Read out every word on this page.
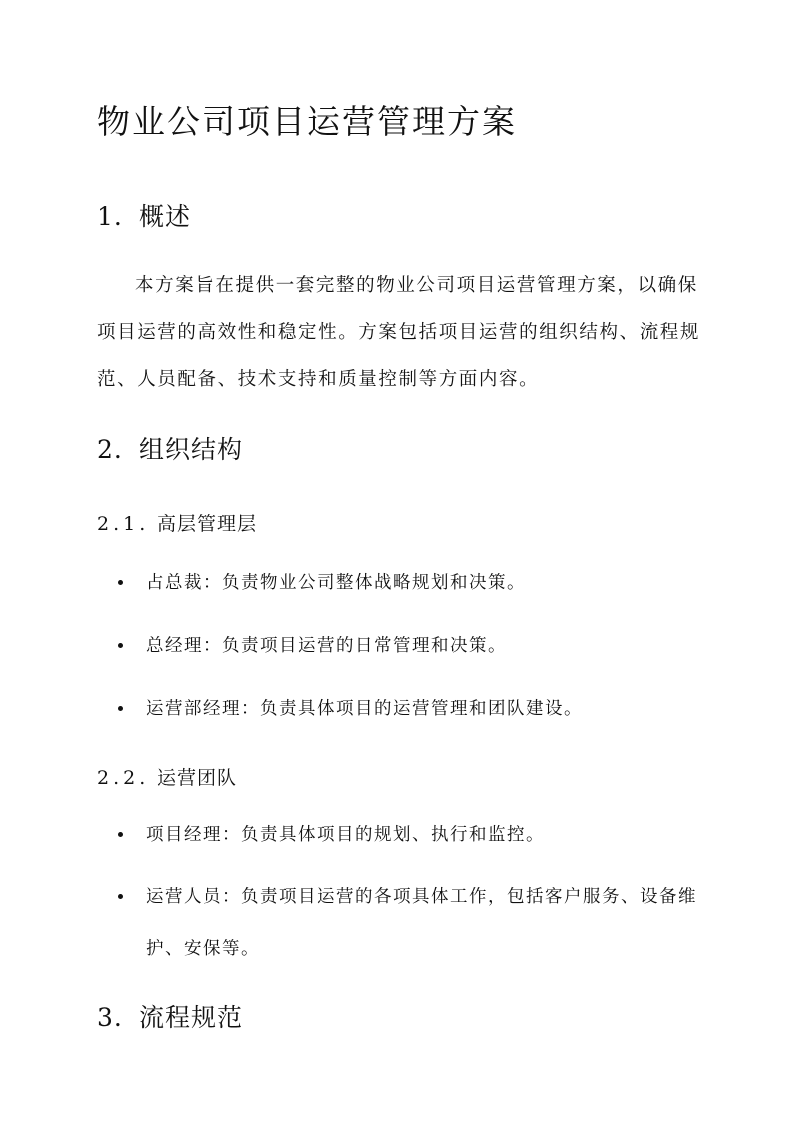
物业公司项目运营管理方案
1. 概述

本方案旨在提供一套完整的物业公司项目运营管理方案，以确保项目运营的高效性和稳定性。方案包括项目运营的组织结构、流程规范、人员配备、技术支持和质量控制等方面内容。

2. 组织结构
2.1. 高层管理层

占总裁：负责物业公司整体战略规划和决策。

总经理：负责项目运营的日常管理和决策。

运营部经理：负责具体项目的运营管理和团队建设。

2.2. 运营团队

项目经理：负责具体项目的规划、执行和监控。

运营人员：负责项目运营的各项具体工作，包括客户服务、设备维护、安保等。

3. 流程规范
